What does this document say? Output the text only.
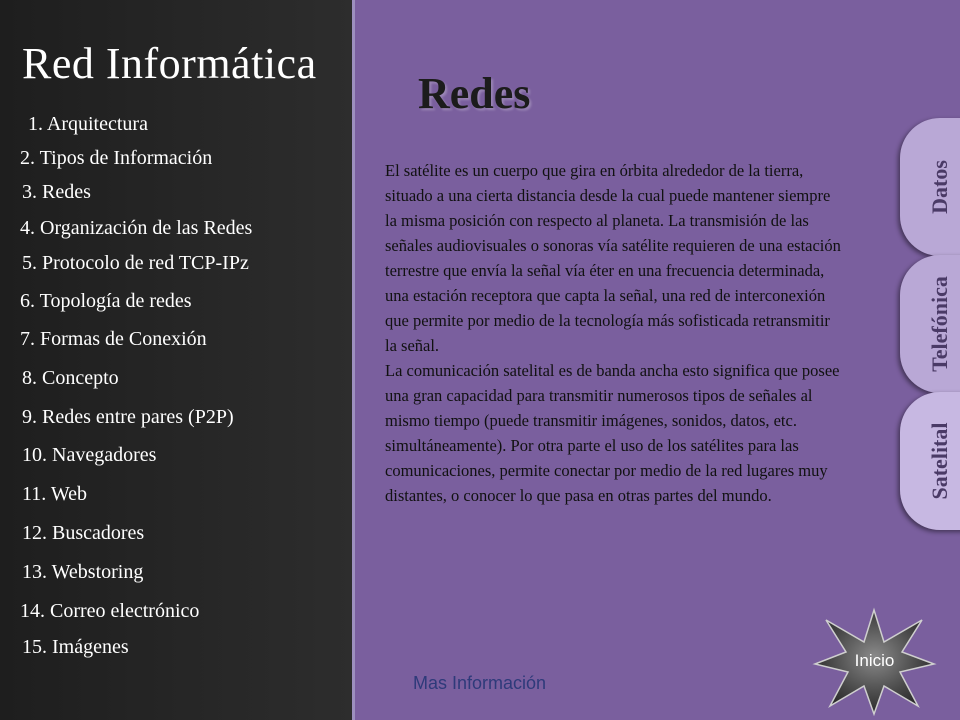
Red Informática
1. Arquitectura
2. Tipos de Información
3. Redes
4. Organización de las Redes
5. Protocolo de red TCP-IPz
6. Topología de redes
7. Formas de Conexión
8. Concepto
9. Redes entre pares (P2P)
10. Navegadores
11. Web
12. Buscadores
13. Webstoring
14. Correo electrónico
15. Imágenes
Redes

El satélite es un cuerpo que gira en órbita alrededor de la tierra, situado a una cierta distancia desde la cual puede mantener siempre la misma posición con respecto al planeta. La transmisión de las señales audiovisuales o sonoras vía satélite requieren de una estación terrestre que envía la señal vía éter en una frecuencia determinada, una estación receptora que capta la señal, una red de interconexión que permite por medio de la tecnología más sofisticada retransmitir la señal.

La comunicación satelital es de banda ancha esto significa que posee una gran capacidad para transmitir numerosos tipos de señales al mismo tiempo (puede transmitir imágenes, sonidos, datos, etc. simultáneamente). Por otra parte el uso de los satélites para las comunicaciones, permite conectar por medio de la red lugares muy distantes, o conocer lo que pasa en otras partes del mundo.

Mas Información
Datos
Telefónica
Satelital
Inicio
